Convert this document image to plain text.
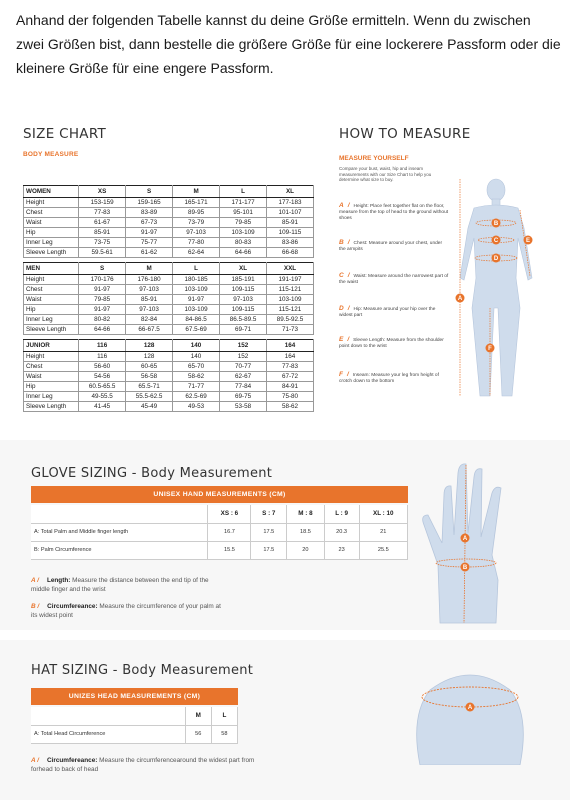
Anhand der folgenden Tabelle kannst du deine Größe ermitteln. Wenn du zwischen zwei Größen bist, dann bestelle die größere Größe für eine lockerere Passform oder die kleinere Größe für eine engere Passform.
SIZE CHART
BODY MEASURE
WOMEN	XS	S	M	L	XL
Height	153-159	159-165	165-171	171-177	177-183
Chest	77-83	83-89	89-95	95-101	101-107
Waist	61-67	67-73	73-79	79-85	85-91
Hip	85-91	91-97	97-103	103-109	109-115
Inner Leg	73-75	75-77	77-80	80-83	83-86
Sleeve Length	59.5-61	61-62	62-64	64-66	66-68
MEN	S	M	L	XL	XXL
Height	170-176	176-180	180-185	185-191	191-197
Chest	91-97	97-103	103-109	109-115	115-121
Waist	79-85	85-91	91-97	97-103	103-109
Hip	91-97	97-103	103-109	109-115	115-121
Inner Leg	80-82	82-84	84-86.5	86.5-89.5	89.5-92.5
Sleeve Length	64-66	66-67.5	67.5-69	69-71	71-73
JUNIOR	116	128	140	152	164
Height	116	128	140	152	164
Chest	56-60	60-65	65-70	70-77	77-83
Waist	54-56	56-58	58-62	62-67	67-72
Hip	60.5-65.5	65.5-71	71-77	77-84	84-91
Inner Leg	49-55.5	55.5-62.5	62.5-69	69-75	75-80
Sleeve Length	41-45	45-49	49-53	53-58	58-62
HOW TO MEASURE
MEASURE YOURSELF
Compare your bust, waist, hip and inseam measurements with our Size Chart to help you determine what size to buy.
A / Height: Place feet together flat on the floor, measure from the top of head to the ground without shoes
B / Chest: Measure around your chest, under the armpits
C / Waist: Measure around the narrowest part of the waist
D / Hip: Measure around your hip over the widest part
E / Sleeve Length: Measure from the shoulder point down to the wrist
F / Inseam: Measure your leg from height of crotch down to the bottom
A
B
C
D
E
F
GLOVE SIZING - Body Measurement
UNISEX HAND MEASUREMENTS (CM)
	XS : 6	S : 7	M : 8	L : 9	XL : 10
A: Total Palm and Middle finger length	16.7	17.5	18.5	20.3	21
B: Palm Circumference	15.5	17.5	20	23	25.5
A / Length: Measure the distance between the end tip of the middle finger and the wrist
B / Circumfereance: Measure the circumference of your palm at its widest point
A
B
HAT SIZING - Body Measurement
UNIZES HEAD MEASUREMENTS (CM)
	M	L
A: Total Head Circumference	56	58
A / Circumfereance: Measure the circumferencearound the widest part from forhead to back of head
A
